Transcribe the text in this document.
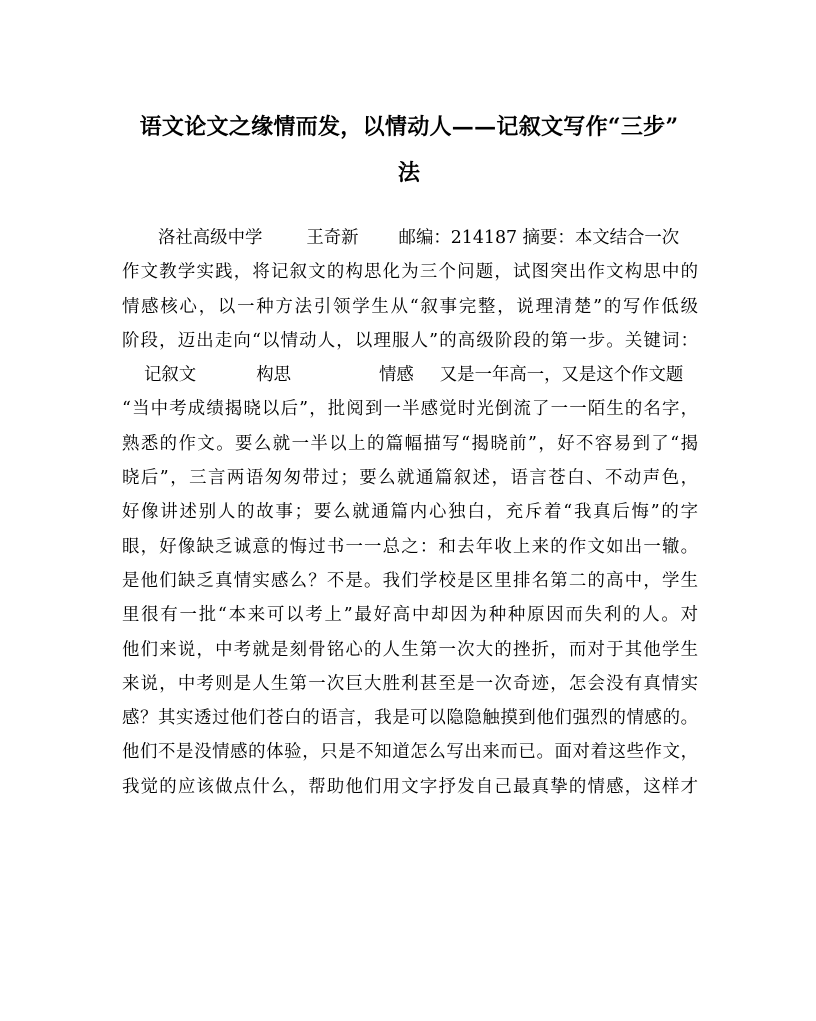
语文论文之缘情而发，以情动人——记叙文写作“三步”
法
洛社高级中学	王奇新 邮编：214187 摘要：本文结合一次
作文教学实践，将记叙文的构思化为三个问题，试图突出作文构思中的
情感核心，以一种方法引领学生从“叙事完整，说理清楚”的写作低级
阶段，迈出走向“以情动人，以理服人”的高级阶段的第一步。关键词：
记叙文	构思	情感 又是一年高一，又是这个作文题
“当中考成绩揭晓以后”，批阅到一半感觉时光倒流了一一陌生的名字，
熟悉的作文。要么就一半以上的篇幅描写“揭晓前”，好不容易到了“揭
晓后”，三言两语匆匆带过；要么就通篇叙述，语言苍白、不动声色，
好像讲述别人的故事；要么就通篇内心独白，充斥着“我真后悔”的字
眼，好像缺乏诚意的悔过书一一总之：和去年收上来的作文如出一辙。
是他们缺乏真情实感么？不是。我们学校是区里排名第二的高中，学生
里很有一批“本来可以考上”最好高中却因为种种原因而失利的人。对
他们来说，中考就是刻骨铭心的人生第一次大的挫折，而对于其他学生
来说，中考则是人生第一次巨大胜利甚至是一次奇迹，怎会没有真情实
感？其实透过他们苍白的语言，我是可以隐隐触摸到他们强烈的情感的。
他们不是没情感的体验，只是不知道怎么写出来而已。面对着这些作文，
我觉的应该做点什么，帮助他们用文字抒发自己最真挚的情感，这样才
